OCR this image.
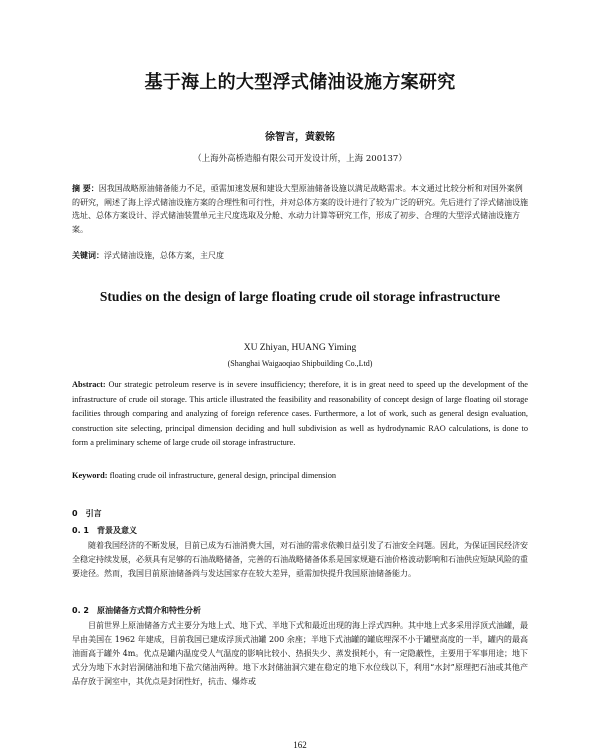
基于海上的大型浮式储油设施方案研究
徐智言，黄毅铭
（上海外高桥造船有限公司开发设计所，上海 200137）
摘 要：因我国战略原油储备能力不足，亟需加速发展和建设大型原油储备设施以满足战略需求。本文通过比较分析和对国外案例的研究，阐述了海上浮式储油设施方案的合理性和可行性，并对总体方案的设计进行了较为广泛的研究。先后进行了浮式储油设施选址、总体方案设计、浮式储油装置单元主尺度选取及分舱、水动力计算等研究工作，形成了初步、合理的大型浮式储油设施方案。
关键词：浮式储油设施，总体方案，主尺度
Studies on the design of large floating crude oil storage infrastructure
XU Zhiyan, HUANG Yiming
(Shanghai Waigaoqiao Shipbuilding Co.,Ltd)
Abstract: Our strategic petroleum reserve is in severe insufficiency; therefore, it is in great need to speed up the development of the infrastructure of crude oil storage. This article illustrated the feasibility and reasonability of concept design of large floating oil storage facilities through comparing and analyzing of foreign reference cases. Furthermore, a lot of work, such as general design evaluation, construction site selecting, principal dimension deciding and hull subdivision as well as hydrodynamic RAO calculations, is done to form a preliminary scheme of large crude oil storage infrastructure.
Keyword: floating crude oil infrastructure, general design, principal dimension
0　引言
0. 1　背景及意义
随着我国经济的不断发展，目前已成为石油消费大国，对石油的需求依赖日益引发了石油安全问题。因此，为保证国民经济安全稳定持续发展，必须具有足够的石油战略储备，完善的石油战略储备体系是国家规避石油价格波动影响和石油供应短缺风险的重要途径。然而，我国目前原油储备尚与发达国家存在较大差异，亟需加快提升我国原油储备能力。
0. 2　原油储备方式简介和特性分析
目前世界上原油储备方式主要分为地上式、地下式、半地下式和最近出现的海上浮式四种。其中地上式多采用浮顶式油罐，最早由美国在 1962 年建成，目前我国已建成浮顶式油罐 200 余座；半地下式油罐的罐底埋深不小于罐壁高度的一半，罐内的最高油面高于罐外 4m。优点是罐内温度受人气温度的影响比较小、热损失少、蒸发损耗小，有一定隐蔽性，主要用于军事用途；地下式分为地下水封岩洞储油和地下盐穴储油两种。地下水封储油洞穴建在稳定的地下水位线以下，利用“水封”原理把石油或其他产品存放于洞室中，其优点是封闭性好，抗击、爆炸或
162
